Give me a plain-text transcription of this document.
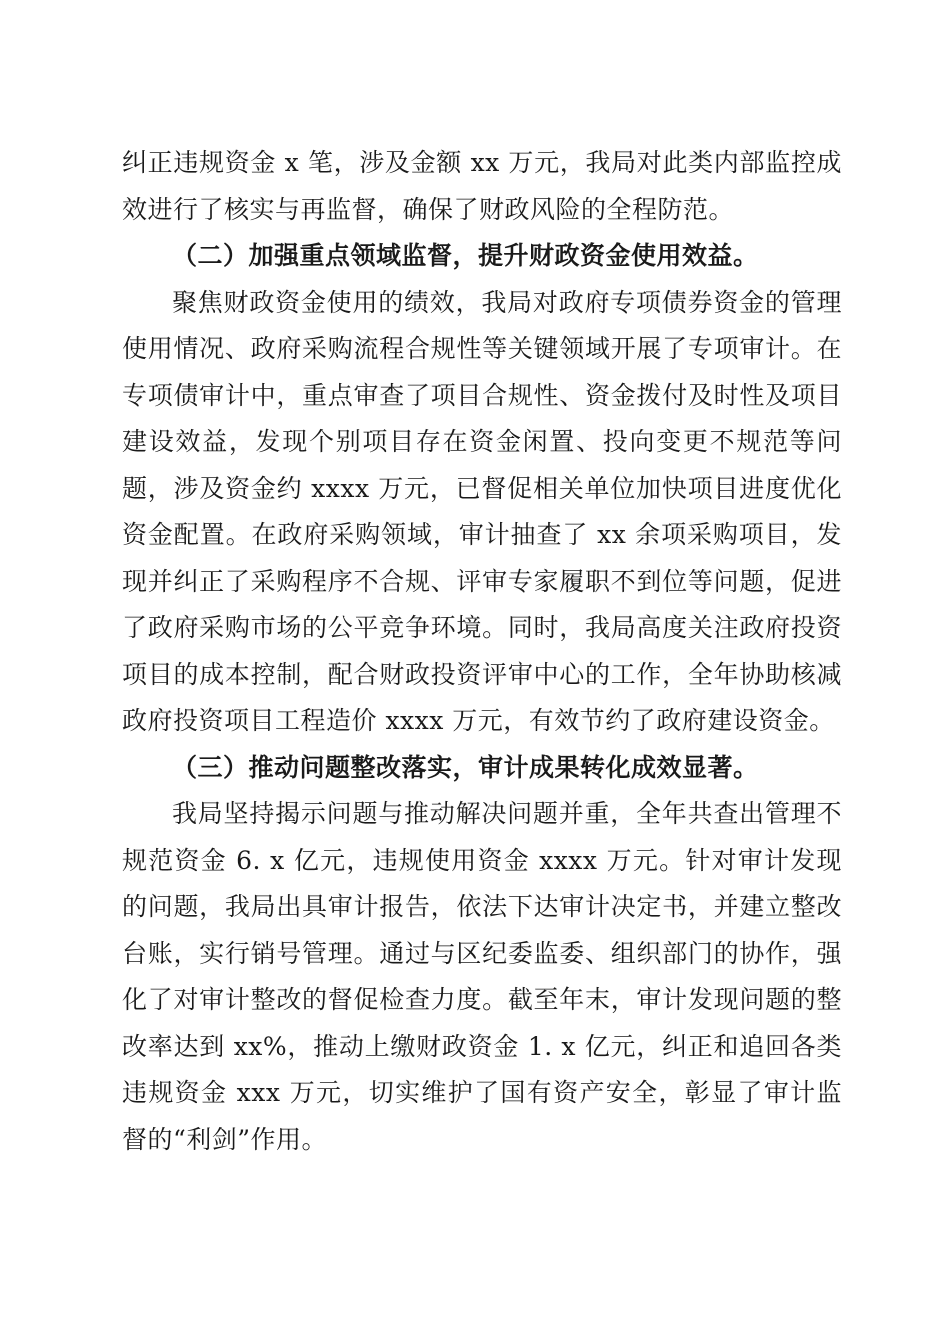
纠正违规资金 x 笔，涉及金额 xx 万元，我局对此类内部监控成效进行了核实与再监督，确保了财政风险的全程防范。

（二）加强重点领域监督，提升财政资金使用效益。

聚焦财政资金使用的绩效，我局对政府专项债券资金的管理使用情况、政府采购流程合规性等关键领域开展了专项审计。在专项债审计中，重点审查了项目合规性、资金拨付及时性及项目建设效益，发现个别项目存在资金闲置、投向变更不规范等问题，涉及资金约 xxxx 万元，已督促相关单位加快项目进度优化资金配置。在政府采购领域，审计抽查了 xx 余项采购项目，发现并纠正了采购程序不合规、评审专家履职不到位等问题，促进了政府采购市场的公平竞争环境。同时，我局高度关注政府投资项目的成本控制，配合财政投资评审中心的工作，全年协助核减政府投资项目工程造价 xxxx 万元，有效节约了政府建设资金。

（三）推动问题整改落实，审计成果转化成效显著。

我局坚持揭示问题与推动解决问题并重，全年共查出管理不规范资金 6. x 亿元，违规使用资金 xxxx 万元。针对审计发现的问题，我局出具审计报告，依法下达审计决定书，并建立整改台账，实行销号管理。通过与区纪委监委、组织部门的协作，强化了对审计整改的督促检查力度。截至年末，审计发现问题的整改率达到 xx%，推动上缴财政资金 1. x 亿元，纠正和追回各类违规资金 xxx 万元，切实维护了国有资产安全，彰显了审计监督的“利剑”作用。
